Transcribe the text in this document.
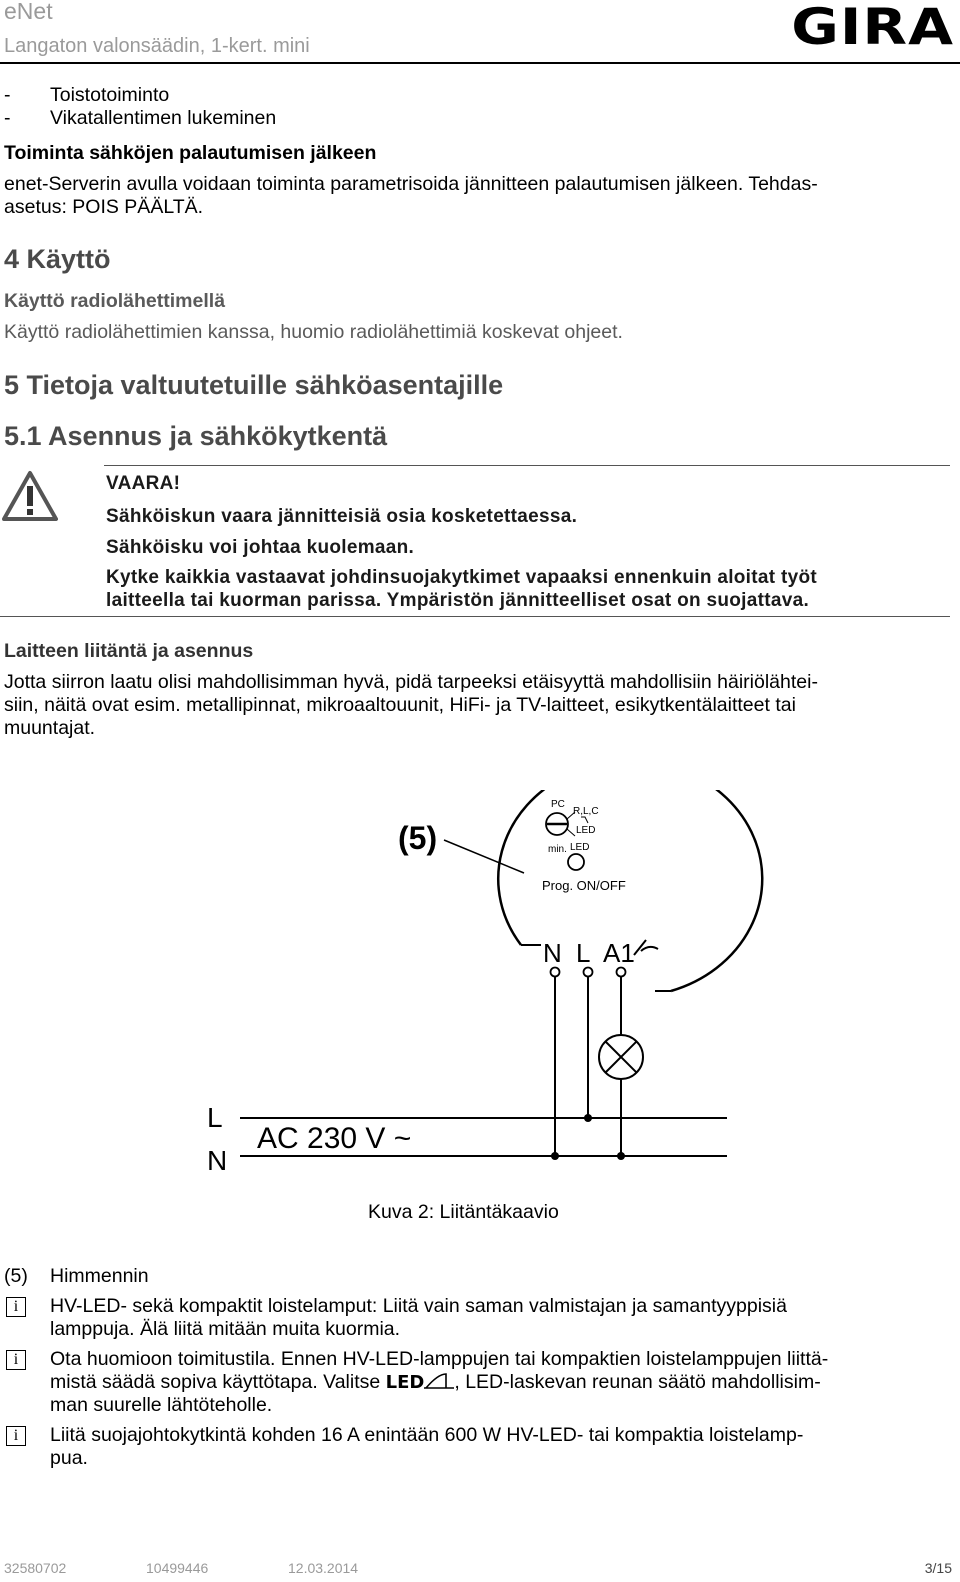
eNet
Langaton valonsäädin, 1-kert. mini	GIRA
- Toistotoiminto
- Vikatallentimen lukeminen
Toiminta sähköjen palautumisen jälkeen
enet-Serverin avulla voidaan toiminta parametrisoida jännitteen palautumisen jälkeen. Tehdas-
asetus: POIS PÄÄLTÄ.
4 Käyttö
Käyttö radiolähettimellä
Käyttö radiolähettimien kanssa, huomio radiolähettimiä koskevat ohjeet.
5 Tietoja valtuutetuille sähköasentajille
5.1 Asennus ja sähkökytkentä
VAARA!
Sähköiskun vaara jännitteisiä osia kosketettaessa.
Sähköisku voi johtaa kuolemaan.
Kytke kaikkia vastaavat johdinsuojakytkimet vapaaksi ennenkuin aloitat työt
laitteella tai kuorman parissa. Ympäristön jännitteelliset osat on suojattava.
Laitteen liitäntä ja asennus
Jotta siirron laatu olisi mahdollisimman hyvä, pidä tarpeeksi etäisyyttä mahdollisiin häiriölähtei-
siin, näitä ovat esim. metallipinnat, mikroaaltouunit, HiFi- ja TV-laitteet, esikytkentälaitteet tai
muuntajat.
(5)
PC
R,L,C
LED
min. LED
Prog. ON/OFF
N L A1
L
N
AC 230 V ~
Kuva 2: Liitäntäkaavio
(5) Himmennin
i	HV-LED- sekä kompaktit loistelamput: Liitä vain saman valmistajan ja samantyyppisiä
lamppuja. Älä liitä mitään muita kuormia.
i	Ota huomioon toimitustila. Ennen HV-LED-lamppujen tai kompaktien loistelamppujen liittä-
mistä säädä sopiva käyttötapa. Valitse LED , LED-laskevan reunan säätö mahdollisim-
man suurelle lähtöteholle.
i	Liitä suojajohtokytkintä kohden 16 A enintään 600 W HV-LED- tai kompaktia loistelamp-
pua.
32580702	10499446	12.03.2014	3/15
